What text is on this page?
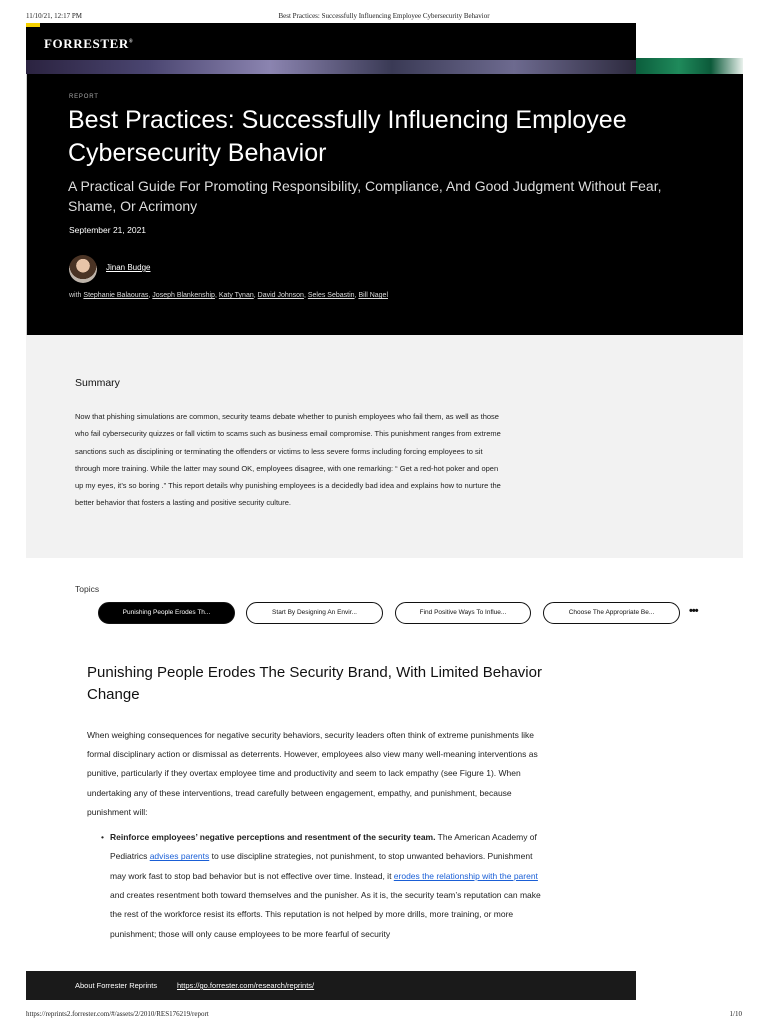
11/10/21, 12:17 PM	Best Practices: Successfully Influencing Employee Cybersecurity Behavior
FORRESTER®
REPORT
Best Practices: Successfully Influencing Employee Cybersecurity Behavior
A Practical Guide For Promoting Responsibility, Compliance, And Good Judgment Without Fear, Shame, Or Acrimony
September 21, 2021
Jinan Budge
with Stephanie Balaouras, Joseph Blankenship, Katy Tynan, David Johnson, Seles Sebastin, Bill Nagel
Summary

Now that phishing simulations are common, security teams debate whether to punish employees who fail them, as well as those who fail cybersecurity quizzes or fall victim to scams such as business email compromise. This punishment ranges from extreme sanctions such as disciplining or terminating the offenders or victims to less severe forms including forcing employees to sit through more training. While the latter may sound OK, employees disagree, with one remarking: “ Get a red-hot poker and open up my eyes, it’s so boring .” This report details why punishing employees is a decidedly bad idea and explains how to nurture the better behavior that fosters a lasting and positive security culture.

Topics
Punishing People Erodes Th...	Start By Designing An Envir...	Find Positive Ways To Influe...	Choose The Appropriate Be...	•••
Punishing People Erodes The Security Brand, With Limited Behavior Change

When weighing consequences for negative security behaviors, security leaders often think of extreme punishments like formal disciplinary action or dismissal as deterrents. However, employees also view many well-meaning interventions as punitive, particularly if they overtax employee time and productivity and seem to lack empathy (see Figure 1). When undertaking any of these interventions, tread carefully between engagement, empathy, and punishment, because punishment will:

• Reinforce employees’ negative perceptions and resentment of the security team. The American Academy of Pediatrics advises parents to use discipline strategies, not punishment, to stop unwanted behaviors. Punishment may work fast to stop bad behavior but is not effective over time. Instead, it erodes the relationship with the parent and creates resentment both toward themselves and the punisher. As it is, the security team’s reputation can make the rest of the workforce resist its efforts. This reputation is not helped by more drills, more training, or more punishment; those will only cause employees to be more fearful of security
About Forrester Reprints	https://go.forrester.com/research/reprints/
https://reprints2.forrester.com/#/assets/2/2010/RES176219/report	1/10
